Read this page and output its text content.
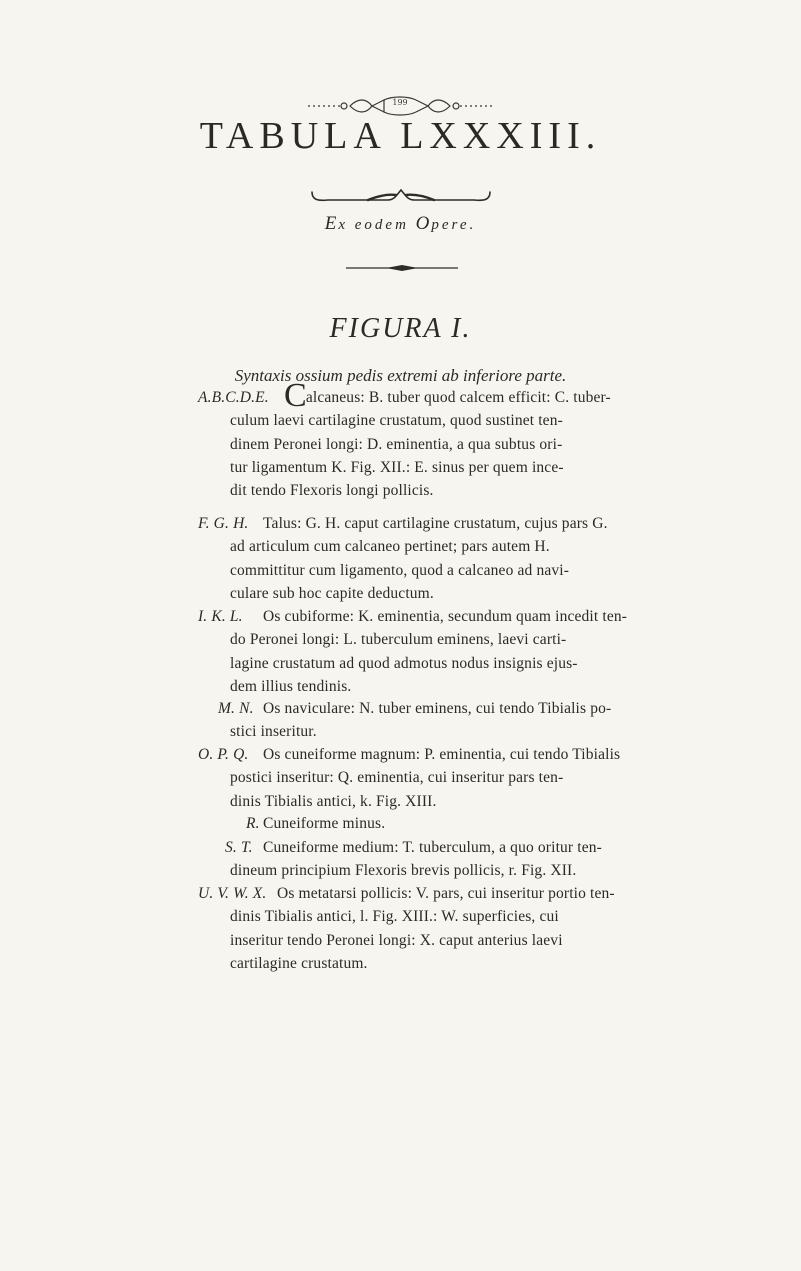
199
TABULA LXXXIII.
Ex eodem Opere.
FIGURA I.
Syntaxis ossium pedis extremi ab inferiore parte.
A.B.C.D.E. Calcaneus: B. tuber quod calcem efficit: C. tuber-
culum laevi cartilagine crustatum, quod sustinet ten-
dinem Peronei longi: D. eminentia, a qua subtus ori-
tur ligamentum K. Fig. XII.: E. sinus per quem ince-
dit tendo Flexoris longi pollicis.
F. G. H. Talus: G. H. caput cartilagine crustatum, cujus pars G.
ad articulum cum calcaneo pertinet; pars autem H.
committitur cum ligamento, quod a calcaneo ad navi-
culare sub hoc capite deductum.
I. K. L. Os cubiforme: K. eminentia, secundum quam incedit ten-
do Peronei longi: L. tuberculum eminens, laevi carti-
lagine crustatum ad quod admotus nodus insignis ejus-
dem illius tendinis.
M. N. Os naviculare: N. tuber eminens, cui tendo Tibialis po-
stici inseritur.
O. P. Q. Os cuneiforme magnum: P. eminentia, cui tendo Tibialis
postici inseritur: Q. eminentia, cui inseritur pars ten-
dinis Tibialis antici, k. Fig. XIII.
R. Cuneiforme minus.
S. T. Cuneiforme medium: T. tuberculum, a quo oritur ten-
dineum principium Flexoris brevis pollicis, r. Fig. XII.
U. V. W. X. Os metatarsi pollicis: V. pars, cui inseritur portio ten-
dinis Tibialis antici, l. Fig. XIII.: W. superficies, cui
inseritur tendo Peronei longi: X. caput anterius laevi
cartilagine crustatum.
